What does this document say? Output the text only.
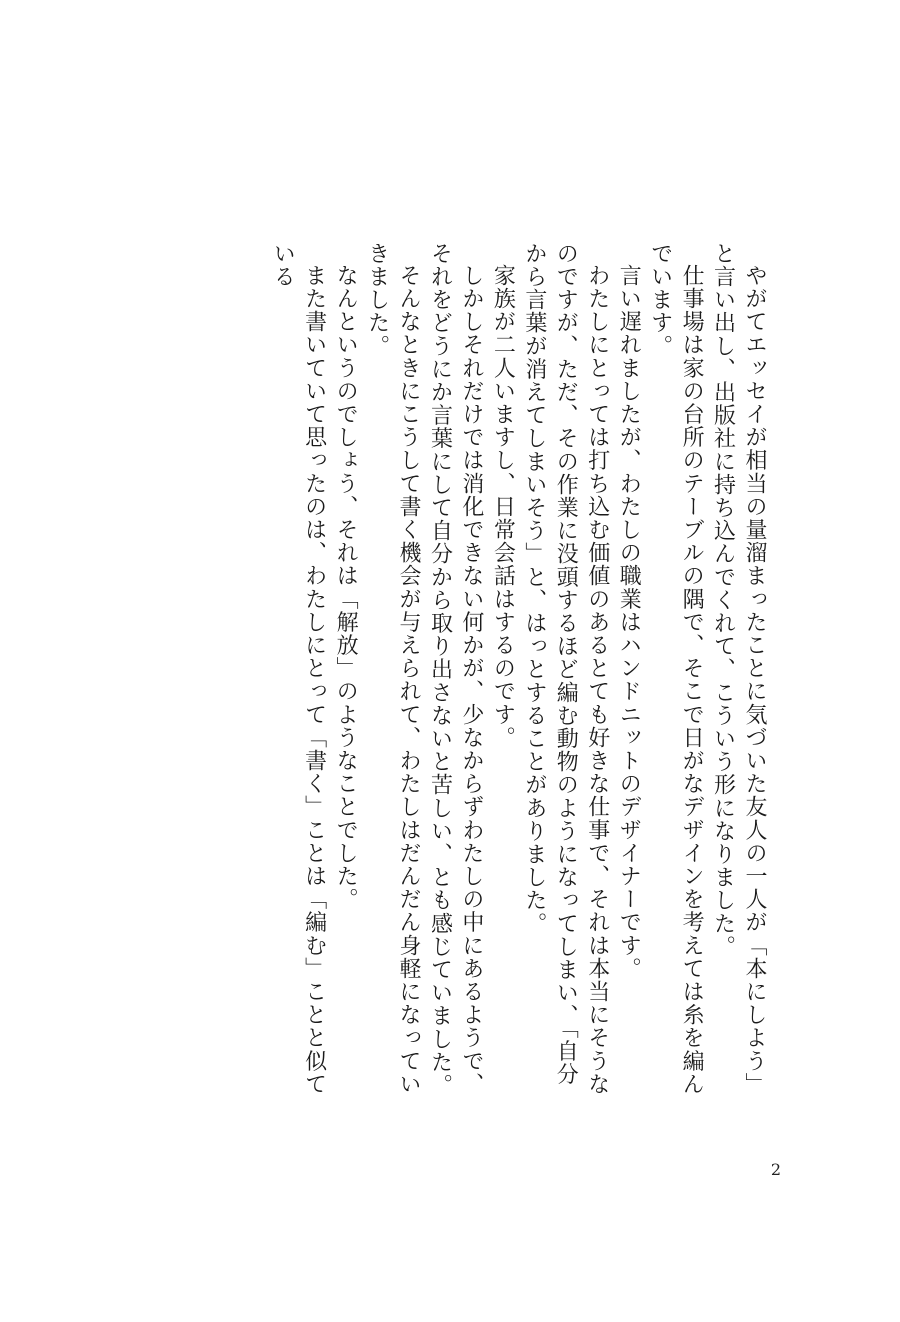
やがてエッセイが相当の量溜まったことに気づいた友人の一人が「本にしよう」と言い出し、出版社に持ち込んでくれて、こういう形になりました。

仕事場は家の台所のテーブルの隅で、そこで日がなデザインを考えては糸を編んでいます。

言い遅れましたが、わたしの職業はハンドニットのデザイナーです。

わたしにとっては打ち込む価値のあるとても好きな仕事で、それは本当にそうなのですが、ただ、その作業に没頭するほど編む動物のようになってしまい、「自分から言葉が消えてしまいそう」と、はっとすることがありました。

家族が二人いますし、日常会話はするのです。

しかしそれだけでは消化できない何かが、少なからずわたしの中にあるようで、それをどうにか言葉にして自分から取り出さないと苦しい、とも感じていました。

そんなときにこうして書く機会が与えられて、わたしはだんだん身軽になっていきました。

なんというのでしょう、それは「解放」のようなことでした。

また書いていて思ったのは、わたしにとって「書く」ことは「編む」ことと似ている

2
